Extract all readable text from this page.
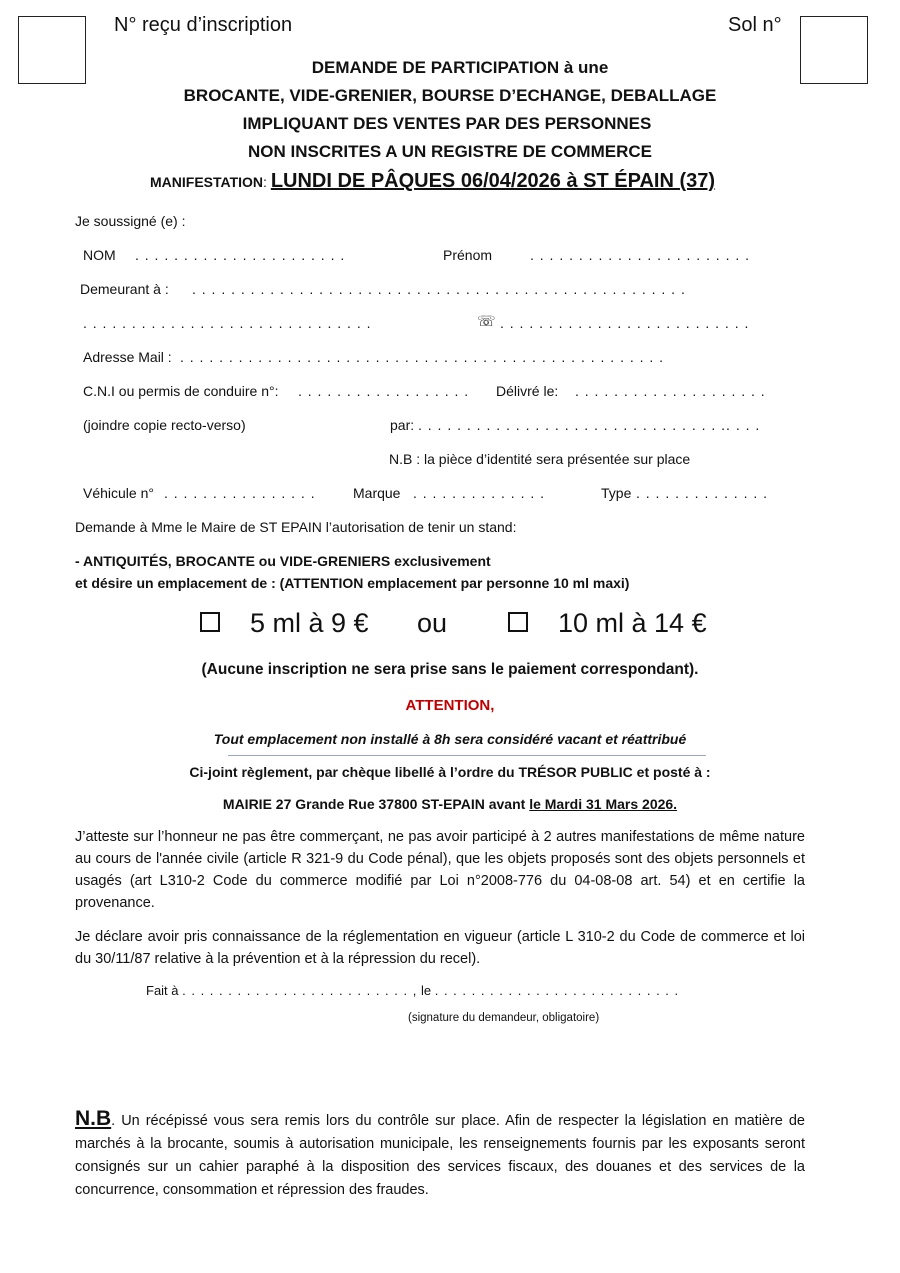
N° reçu d’inscription	Sol n°
DEMANDE DE PARTICIPATION à une
BROCANTE, VIDE-GRENIER, BOURSE D’ECHANGE, DEBALLAGE
IMPLIQUANT DES VENTES PAR DES PERSONNES
NON INSCRITES A UN REGISTRE DE COMMERCE
MANIFESTATION: LUNDI DE PÂQUES 06/04/2026 à ST ÉPAIN (37)
Je soussigné (e) :
NOM . . . . . . . . . . . . . . . . . . . . . .	Prénom	. . . . . . . . . . . . . . . . . . . . . . .
Demeurant à : . . . . . . . . . . . . . . . . . . . . . . . . . . . . . . . . . . . . . . . . . . . . . . . . . . .
. . . . . . . . . . . . . . . . . . . . . . . . . . . . . .	☏ . . . . . . . . . . . . . . . . . . . . . . . . . .
Adresse Mail : . . . . . . . . . . . . . . . . . . . . . . . . . . . . . . . . . . . . . . . . . . . . . . . . . .
C.N.I ou permis de conduire n°: . . . . . . . . . . . . . . . . . . Délivré le: . . . . . . . . . . . . . . . . . . . .
(joindre copie recto-verso)	par: . . . . . . . . . . . . . . . . . . . . . . . . . . . . . . . .. . . .
N.B : la pièce d’identité sera présentée sur place
Véhicule n° . . . . . . . . . . . . . . . .	Marque . . . . . . . . . . . . . .	Type . . . . . . . . . . . . . .
Demande à Mme le Maire de ST EPAIN l’autorisation de tenir un stand:
- ANTIQUITÉS, BROCANTE ou VIDE-GRENIERS exclusivement
et désire un emplacement de : (ATTENTION emplacement par personne 10 ml maxi)
5 ml à 9 € ou	10 ml à 14 €
(Aucune inscription ne sera prise sans le paiement correspondant).
ATTENTION,
Tout emplacement non installé à 8h sera considéré vacant et réattribué
Ci-joint règlement, par chèque libellé à l’ordre du TRÉSOR PUBLIC et posté à :
MAIRIE 27 Grande Rue 37800 ST-EPAIN avant le Mardi 31 Mars 2026.
J’atteste sur l’honneur ne pas être commerçant, ne pas avoir participé à 2 autres manifestations de même nature au cours de l'année civile (article R 321-9 du Code pénal), que les objets proposés sont des objets personnels et usagés (art L310-2 Code du commerce modifié par Loi n°2008-776 du 04-08-08 art. 54) et en certifie la provenance.
Je déclare avoir pris connaissance de la réglementation en vigueur (article L 310-2 du Code de commerce et loi du 30/11/87 relative à la prévention et à la répression du recel).
Fait à . . . . . . . . . . . . . . . . . . . . . . . . . , le . . . . . . . . . . . . . . . . . . . . . . . . . . .
(signature du demandeur, obligatoire)
N.B. Un récépissé vous sera remis lors du contrôle sur place. Afin de respecter la législation en matière de marchés à la brocante, soumis à autorisation municipale, les renseignements fournis par les exposants seront consignés sur un cahier paraphé à la disposition des services fiscaux, des douanes et des services de la concurrence, consommation et répression des fraudes.
